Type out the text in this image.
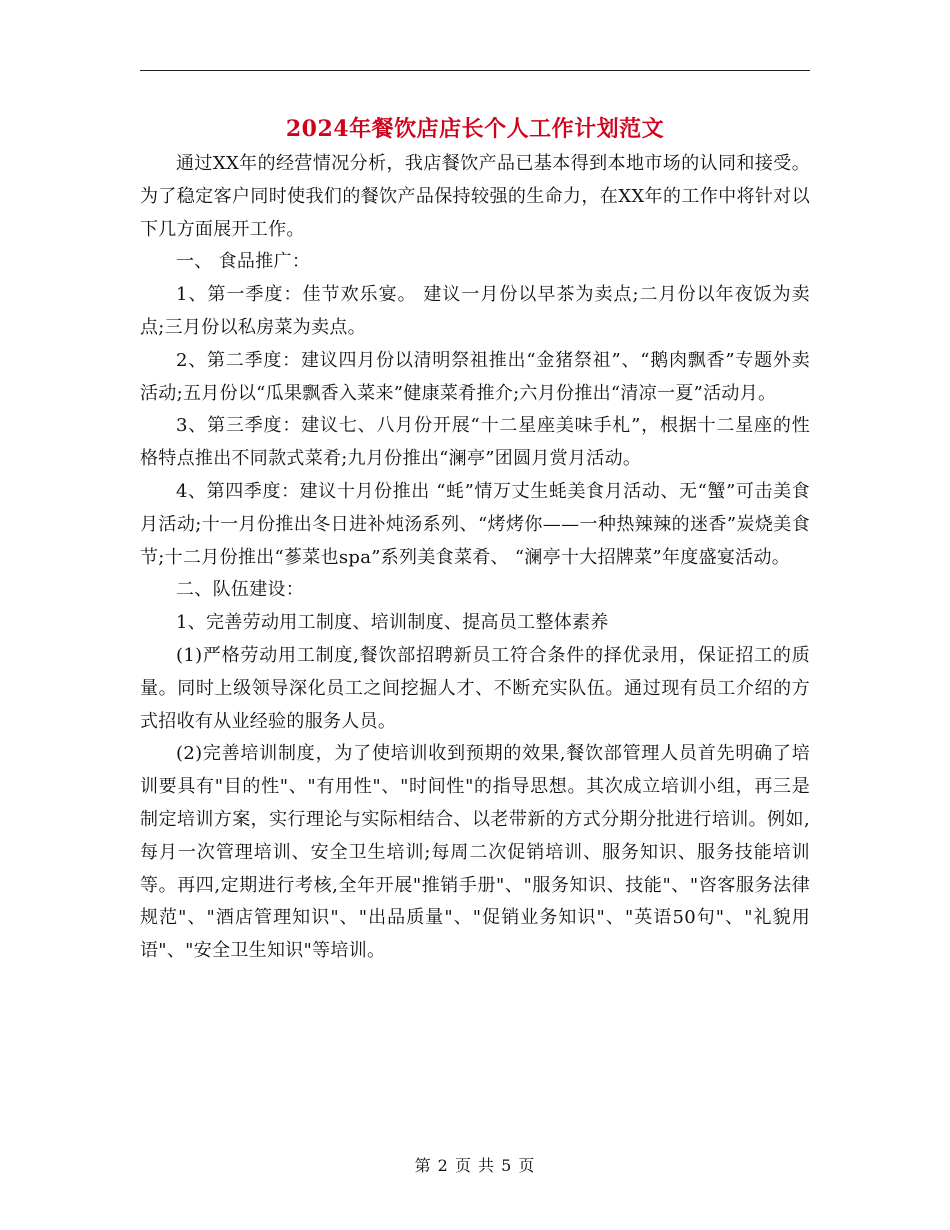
2024年餐饮店店长个人工作计划范文

通过XX年的经营情况分析，我店餐饮产品已基本得到本地市场的认同和接受。为了稳定客户同时使我们的餐饮产品保持较强的生命力，在XX年的工作中将针对以下几方面展开工作。

一、 食品推广：

1、第一季度：佳节欢乐宴。 建议一月份以早茶为卖点;二月份以年夜饭为卖点;三月份以私房菜为卖点。

2、第二季度：建议四月份以清明祭祖推出“金猪祭祖”、“鹅肉飘香”专题外卖活动;五月份以“瓜果飘香入菜来”健康菜肴推介;六月份推出“清凉一夏”活动月。

3、第三季度：建议七、八月份开展“十二星座美味手札”，根据十二星座的性格特点推出不同款式菜肴;九月份推出“澜亭”团圆月赏月活动。

4、第四季度：建议十月份推出 “蚝”情万丈生蚝美食月活动、无“蟹”可击美食月活动;十一月份推出冬日进补炖汤系列、“烤烤你——一种热辣辣的迷香”炭烧美食节;十二月份推出“蔘菜也spa”系列美食菜肴、 “澜亭十大招牌菜”年度盛宴活动。

二、队伍建设：

1、完善劳动用工制度、培训制度、提高员工整体素养

(1)严格劳动用工制度,餐饮部招聘新员工符合条件的择优录用，保证招工的质量。同时上级领导深化员工之间挖掘人才、不断充实队伍。通过现有员工介绍的方式招收有从业经验的服务人员。

(2)完善培训制度，为了使培训收到预期的效果,餐饮部管理人员首先明确了培训要具有"目的性"、"有用性"、"时间性"的指导思想。其次成立培训小组，再三是制定培训方案，实行理论与实际相结合、以老带新的方式分期分批进行培训。例如,每月一次管理培训、安全卫生培训;每周二次促销培训、服务知识、服务技能培训等。再四,定期进行考核,全年开展"推销手册"、"服务知识、技能"、"咨客服务法律规范"、"酒店管理知识"、"出品质量"、"促销业务知识"、"英语50句"、"礼貌用语"、"安全卫生知识"等培训。

第 2 页 共 5 页
